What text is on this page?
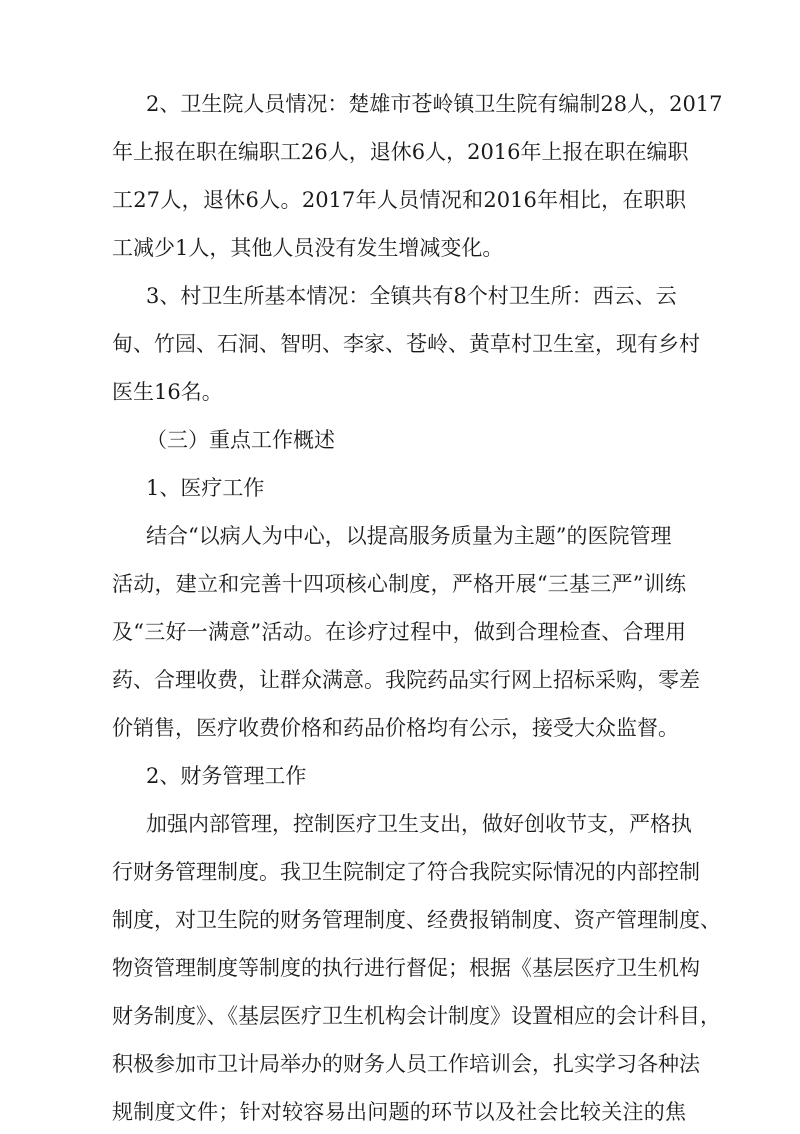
2、卫生院人员情况：楚雄市苍岭镇卫生院有编制28人，2017
年上报在职在编职工26人，退休6人，2016年上报在职在编职
工27人，退休6人。2017年人员情况和2016年相比，在职职
工减少1人，其他人员没有发生增减变化。
3、村卫生所基本情况：全镇共有8个村卫生所：西云、云
甸、竹园、石洞、智明、李家、苍岭、黄草村卫生室，现有乡村
医生16名。
（三）重点工作概述
1、医疗工作
结合“以病人为中心，以提高服务质量为主题”的医院管理
活动，建立和完善十四项核心制度，严格开展“三基三严”训练
及“三好一满意”活动。在诊疗过程中，做到合理检查、合理用
药、合理收费，让群众满意。我院药品实行网上招标采购，零差
价销售，医疗收费价格和药品价格均有公示，接受大众监督。
2、财务管理工作
加强内部管理，控制医疗卫生支出，做好创收节支，严格执
行财务管理制度。我卫生院制定了符合我院实际情况的内部控制
制度，对卫生院的财务管理制度、经费报销制度、资产管理制度、
物资管理制度等制度的执行进行督促；根据《基层医疗卫生机构
财务制度》、《基层医疗卫生机构会计制度》设置相应的会计科目，
积极参加市卫计局举办的财务人员工作培训会，扎实学习各种法
规制度文件；针对较容易出问题的环节以及社会比较关注的焦
